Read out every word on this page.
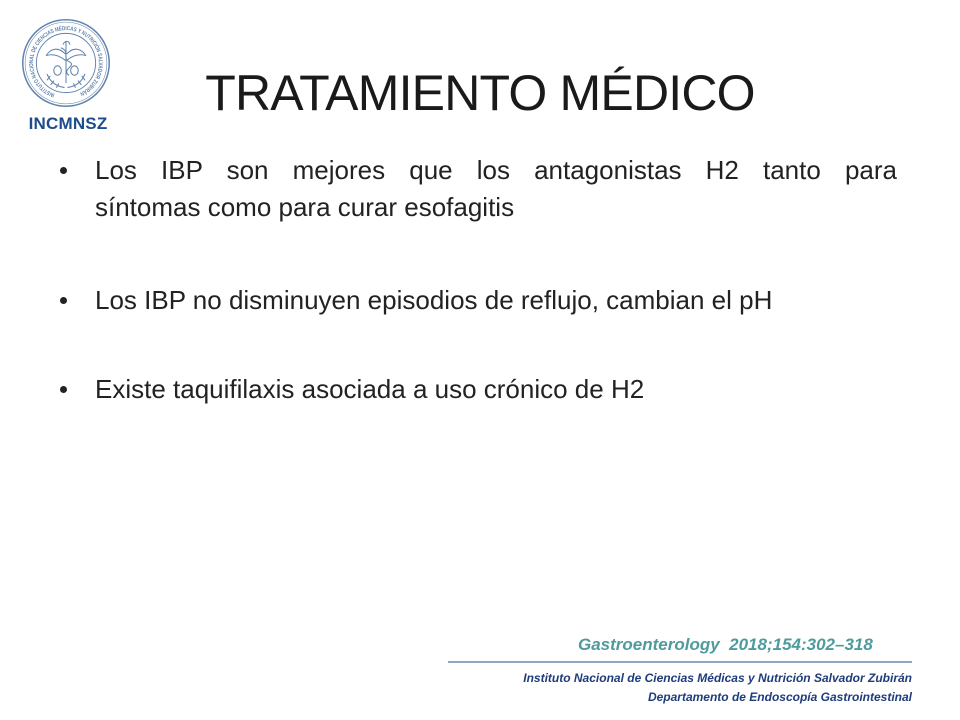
INSTITUTO NACIONAL DE CIENCIAS MÉDICAS Y NUTRICIÓN SALVADOR ZUBIRÁN
INCMNSZ
TRATAMIENTO MÉDICO
Los IBP son mejores que los antagonistas H2 tanto para
síntomas como para curar esofagitis
Los IBP no disminuyen episodios de reflujo, cambian el pH
Existe taquifilaxis asociada a uso crónico de H2
Gastroenterology  2018;154:302–318
Instituto Nacional de Ciencias Médicas y Nutrición Salvador Zubirán
Departamento de Endoscopía Gastrointestinal
